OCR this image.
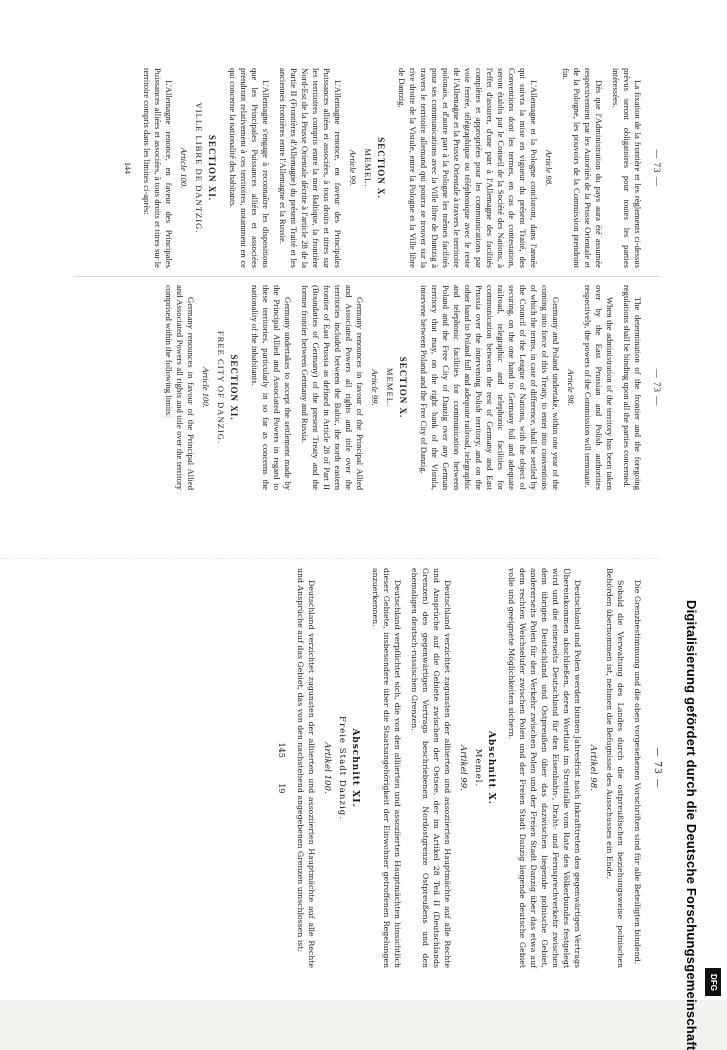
— 73 —

La fixation de la frontière et les règlements ci-dessus prévus seront obligatoires pour toutes les parties intéressées.

Dès que l'Administration du pays aura été assumée respectivement par les Autorités de la Prusse Orientale et de la Pologne, les pouvoirs de la Commission prendront fin.

Article 98.

L'Allemagne et la Pologne concluront, dans l'année qui suivra la mise en vigueur du présent Traité, des Conventions dont les termes, en cas de contestation, seront établis par le Conseil de la Société des Nations, à l'effet d'assurer, d'une part à l'Allemagne des facilités complètes et appropriées pour les communications par voie ferrée, télégraphique ou téléphonique avec le reste de l'Allemagne et la Prusse Orientale à travers le territoire polonais, et d'autre part à la Pologne les mêmes facilités pour ses communications avec la Ville libre de Dantzig à travers le territoire allemand qui pourra se trouver sur la rive droite de la Vistule, entre la Pologne et la Ville libre de Dantzig.

SECTION X.
MEMEL.
Article 99.

L'Allemagne renonce, en faveur des Principales Puissances alliées et associées, à tous droits et titres sur les territoires compris entre la mer Baltique, la frontière Nord-Est de la Prusse Orientale décrite à l'article 28 de la Partie II (Frontières d'Allemagne) du présent Traité et les anciennes frontières entre l'Allemagne et la Russie.

L'Allemagne s'engage à reconnaître les dispositions que les Principales Puissances alliées et associées prendront relativement à ces territoires, notamment en ce qui concerne la nationalité des habitants.

SECTION XI.
VILLE LIBRE DE DANTZIG.
Article 100.

L'Allemagne renonce, en faveur des Principales Puissances alliées et associées, à tous droits et titres sur le territoire compris dans les limites ci-après:

144
— 73 —

The determination of the frontier and the foregoing regulations shall be binding upon all the parties concerned.

When the administration of the territory has been taken over by the East Prussian and Polish authorities respectively, the powers of the Commission will terminate.

Article 98.

Germany and Poland undertake, within one year of the coming into force of this Treaty, to enter into conventions of which the terms, in case of difference, shall be settled by the Council of the League of Nations, with the object of securing, on the one hand to Germany full and adequate railroad, telegraphic and telephonic facilities for communication between the rest of Germany and East Prussia over the intervening Polish territory, and on the other hand to Poland full and adequate railroad, telegraphic and telephonic facilities for communication between Poland and the Free City of Danzig over any German territory that may, on the right bank of the Vistula, intervene between Poland and the Free City of Danzig.

SECTION X.
MEMEL.
Article 99.

Germany renounces in favour of the Principal Allied and Associated Powers all rights and title over the territories included between the Baltic, the north eastern frontier of East Prussia as defined in Article 28 of Part II (Boundaries of Germany) of the present Treaty and the former frontier between Germany and Russia.

Germany undertakes to accept the settlement made by the Principal Allied and Associated Powers in regard to these territories, particularly in so far as concerns the nationality of the inhabitants.

SECTION XI.
FREE CITY OF DANZIG.
Article 100.

Germany renounces in favour of the Principal Allied and Associated Powers all rights and title over the territory comprised within the following limits:

— 73 —

Die Grenzbestimmung und die oben vorgesehenen Vorschriften sind für alle Beteiligten bindend.

Sobald die Verwaltung des Landes durch die ostpreußischen beziehungsweise polnischen Behörden übernommen ist, nehmen die Befugnisse des Ausschusses ein Ende.

Artikel 98.

Deutschland und Polen werden binnen Jahresfrist nach Inkrafttreten des gegenwärtigen Vertrags Übereinkommen abschließen, deren Wortlaut im Streitfalle vom Rate des Völkerbundes festgelegt wird und die einerseits Deutschland für den Eisenbahn-, Draht- und Fernsprechverkehr zwischen dem übrigen Deutschland und Ostpreußen über das dazwischen liegende polnische Gebiet, andererseits Polen für den Verkehr zwischen Polen und der Freien Stadt Danzig über das etwa auf dem rechten Weichselufer zwischen Polen und der Freien Stadt Danzig liegende deutsche Gebiet volle und geeignete Möglichkeiten sichern.

Abschnitt X.
Memel.
Artikel 99.

Deutschland verzichtet zugunsten der alliierten und assoziierten Hauptmächte auf alle Rechte und Ansprüche auf die Gebiete zwischen der Ostsee, der im Artikel 28 Teil II (Deutschlands Grenzen) des gegenwärtigen Vertrags beschriebenen Nordostgrenze Ostpreußens und den ehemaligen deutsch-russischen Grenzen.

Deutschland verpflichtet sich, die von den alliierten und assoziierten Hauptmächten hinsichtlich dieser Gebiete, insbesondere über die Staatsangehörigkeit der Einwohner getroffenen Regelungen anzuerkennen.

Abschnitt XI.
Freie Stadt Danzig.
Artikel 100.

Deutschland verzichtet zugunsten der alliierten und assoziierten Hauptmächte auf alle Rechte und Ansprüche auf das Gebiet, das von den nachstehend angegebenen Grenzen umschlossen ist:

145          19	Digitalisierung gefördert durch die Deutsche Forschungsgemeinschaft DFG
